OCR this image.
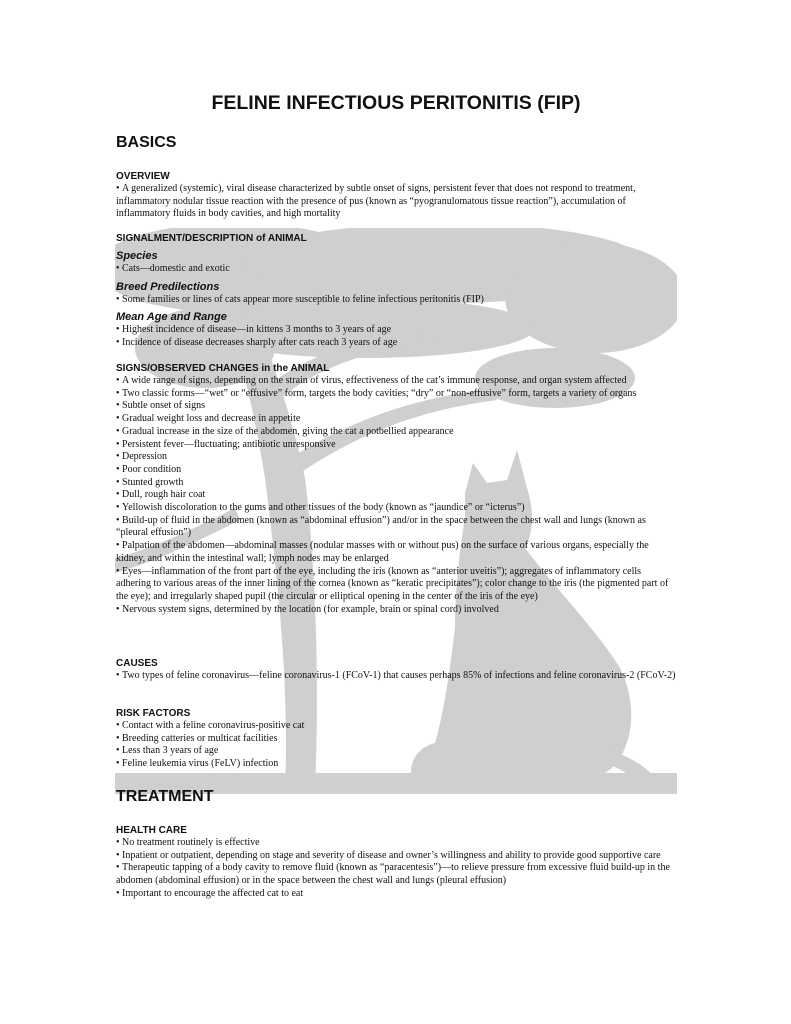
FELINE INFECTIOUS PERITONITIS (FIP)
BASICS

OVERVIEW

• A generalized (systemic), viral disease characterized by subtle onset of signs, persistent fever that does not respond to treatment, inflammatory nodular tissue reaction with the presence of pus (known as “pyogranulomatous tissue reaction”), accumulation of inflammatory fluids in body cavities, and high mortality

SIGNALMENT/DESCRIPTION of ANIMAL

Species

• Cats—domestic and exotic

Breed Predilections

• Some families or lines of cats appear more susceptible to feline infectious peritonitis (FIP)

Mean Age and Range

• Highest incidence of disease—in kittens 3 months to 3 years of age

• Incidence of disease decreases sharply after cats reach 3 years of age

SIGNS/OBSERVED CHANGES in the ANIMAL

• A wide range of signs, depending on the strain of virus, effectiveness of the cat’s immune response, and organ system affected

• Two classic forms—“wet” or “effusive” form, targets the body cavities; “dry” or “non-effusive” form, targets a variety of organs

• Subtle onset of signs

• Gradual weight loss and decrease in appetite

• Gradual increase in the size of the abdomen, giving the cat a potbellied appearance

• Persistent fever—fluctuating; antibiotic unresponsive

• Depression

• Poor condition

• Stunted growth

• Dull, rough hair coat

• Yellowish discoloration to the gums and other tissues of the body (known as “jaundice” or “icterus”)

• Build-up of fluid in the abdomen (known as “abdominal effusion”) and/or in the space between the chest wall and lungs (known as “pleural effusion”)

• Palpation of the abdomen—abdominal masses (nodular masses with or without pus) on the surface of various organs, especially the kidney, and within the intestinal wall; lymph nodes may be enlarged

• Eyes—inflammation of the front part of the eye, including the iris (known as “anterior uveitis”); aggregates of inflammatory cells adhering to various areas of the inner lining of the cornea (known as “keratic precipitates”); color change to the iris (the pigmented part of the eye); and irregularly shaped pupil (the circular or elliptical opening in the center of the iris of the eye)

• Nervous system signs, determined by the location (for example, brain or spinal cord) involved

CAUSES

• Two types of feline coronavirus—feline coronavirus-1 (FCoV-1) that causes perhaps 85% of infections and feline coronavirus-2 (FCoV-2)

RISK FACTORS

• Contact with a feline coronavirus-positive cat

• Breeding catteries or multicat facilities

• Less than 3 years of age

• Feline leukemia virus (FeLV) infection

TREATMENT

HEALTH CARE

• No treatment routinely is effective

• Inpatient or outpatient, depending on stage and severity of disease and owner’s willingness and ability to provide good supportive care

• Therapeutic tapping of a body cavity to remove fluid (known as “paracentesis”)—to relieve pressure from excessive fluid build-up in the abdomen (abdominal effusion) or in the space between the chest wall and lungs (pleural effusion)

• Important to encourage the affected cat to eat
